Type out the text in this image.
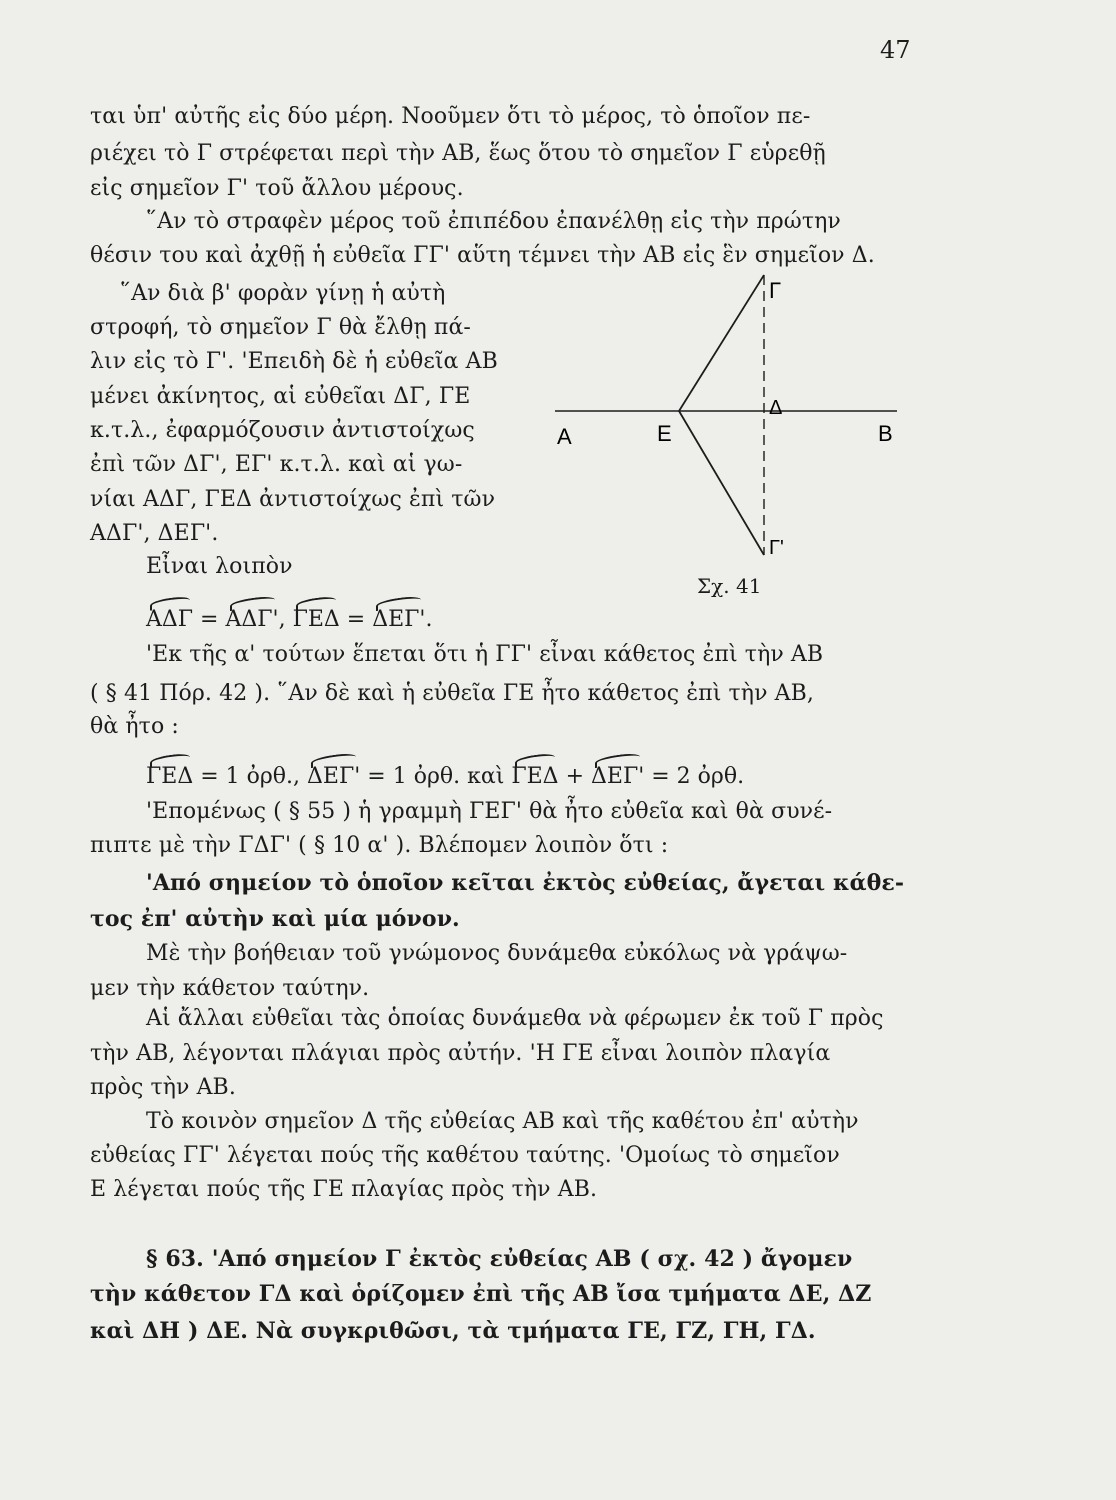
47
ται ὑπ' αὐτῆς εἰς δύο μέρη. Νοοῦμεν ὅτι τὸ μέρος, τὸ ὁποῖον πε-
ριέχει τὸ Γ στρέφεται περὶ τὴν ΑΒ, ἕως ὅτου τὸ σημεῖον Γ εὑρεθῇ
εἰς σημεῖον Γ' τοῦ ἄλλου μέρους.
῞Αν τὸ στραφὲν μέρος τοῦ ἐπιπέδου ἐπανέλθῃ εἰς τὴν πρώτην
θέσιν του καὶ ἀχθῇ ἡ εὐθεῖα ΓΓ' αὕτη τέμνει τὴν ΑΒ εἰς ἓν σημεῖον Δ.
῞Αν διὰ β' φορὰν γίνῃ ἡ αὐτὴ
στροφή, τὸ σημεῖον Γ θὰ ἔλθῃ πά-
λιν εἰς τὸ Γ'. 'Επειδὴ δὲ ἡ εὐθεῖα ΑΒ
μένει ἀκίνητος, αἱ εὐθεῖαι ΔΓ, ΓΕ
κ.τ.λ., ἐφαρμόζουσιν ἀντιστοίχως
ἐπὶ τῶν ΔΓ', ΕΓ' κ.τ.λ. καὶ αἱ γω-
νίαι ΑΔΓ, ΓΕΔ ἀντιστοίχως ἐπὶ τῶν
ΑΔΓ', ΔΕΓ'.
Εἶναι λοιπὸν
Α	Ε	Β
Γ
Δ
Γ'
Σχ. 41
ΑΔΓ = ΑΔΓ', ΓΕΔ = ΔΕΓ'.
'Εκ τῆς α' τούτων ἕπεται ὅτι ἡ ΓΓ' εἶναι κάθετος ἐπὶ τὴν ΑΒ
( § 41 Πόρ. 42 ). ῞Αν δὲ καὶ ἡ εὐθεῖα ΓΕ ἦτο κάθετος ἐπὶ τὴν ΑΒ,
θὰ ἦτο :
ΓΕΔ = 1 ὀρθ., ΔΕΓ' = 1 ὀρθ. καὶ ΓΕΔ + ΔΕΓ' = 2 ὀρθ.
'Επομένως ( § 55 ) ἡ γραμμὴ ΓΕΓ' θὰ ἦτο εὐθεῖα καὶ θὰ συνέ-
πιπτε μὲ τὴν ΓΔΓ' ( § 10 α' ). Βλέπομεν λοιπὸν ὅτι :
'Από σημείον τὸ ὁποῖον κεῖται ἐκτὸς εὐθείας, ἄγεται κάθε-
τος ἐπ' αὐτὴν καὶ μία μόνον.
Μὲ τὴν βοήθειαν τοῦ γνώμονος δυνάμεθα εὐκόλως νὰ γράψω-
μεν τὴν κάθετον ταύτην.
Αἱ ἄλλαι εὐθεῖαι τὰς ὁποίας δυνάμεθα νὰ φέρωμεν ἐκ τοῦ Γ πρὸς
τὴν ΑΒ, λέγονται πλάγιαι πρὸς αὐτήν. 'Η ΓΕ εἶναι λοιπὸν πλαγία
πρὸς τὴν ΑΒ.
Τὸ κοινὸν σημεῖον Δ τῆς εὐθείας ΑΒ καὶ τῆς καθέτου ἐπ' αὐτὴν
εὐθείας ΓΓ' λέγεται πούς τῆς καθέτου ταύτης. 'Ομοίως τὸ σημεῖον
Ε λέγεται πούς τῆς ΓΕ πλαγίας πρὸς τὴν ΑΒ.
§ 63. 'Από σημείον Γ ἐκτὸς εὐθείας ΑΒ ( σχ. 42 ) ἄγομεν
τὴν κάθετον ΓΔ καὶ ὁρίζομεν ἐπὶ τῆς ΑΒ ἴσα τμήματα ΔΕ, ΔΖ
καὶ ΔΗ ) ΔΕ. Νὰ συγκριθῶσι, τὰ τμήματα ΓΕ, ΓΖ, ΓΗ, ΓΔ.
